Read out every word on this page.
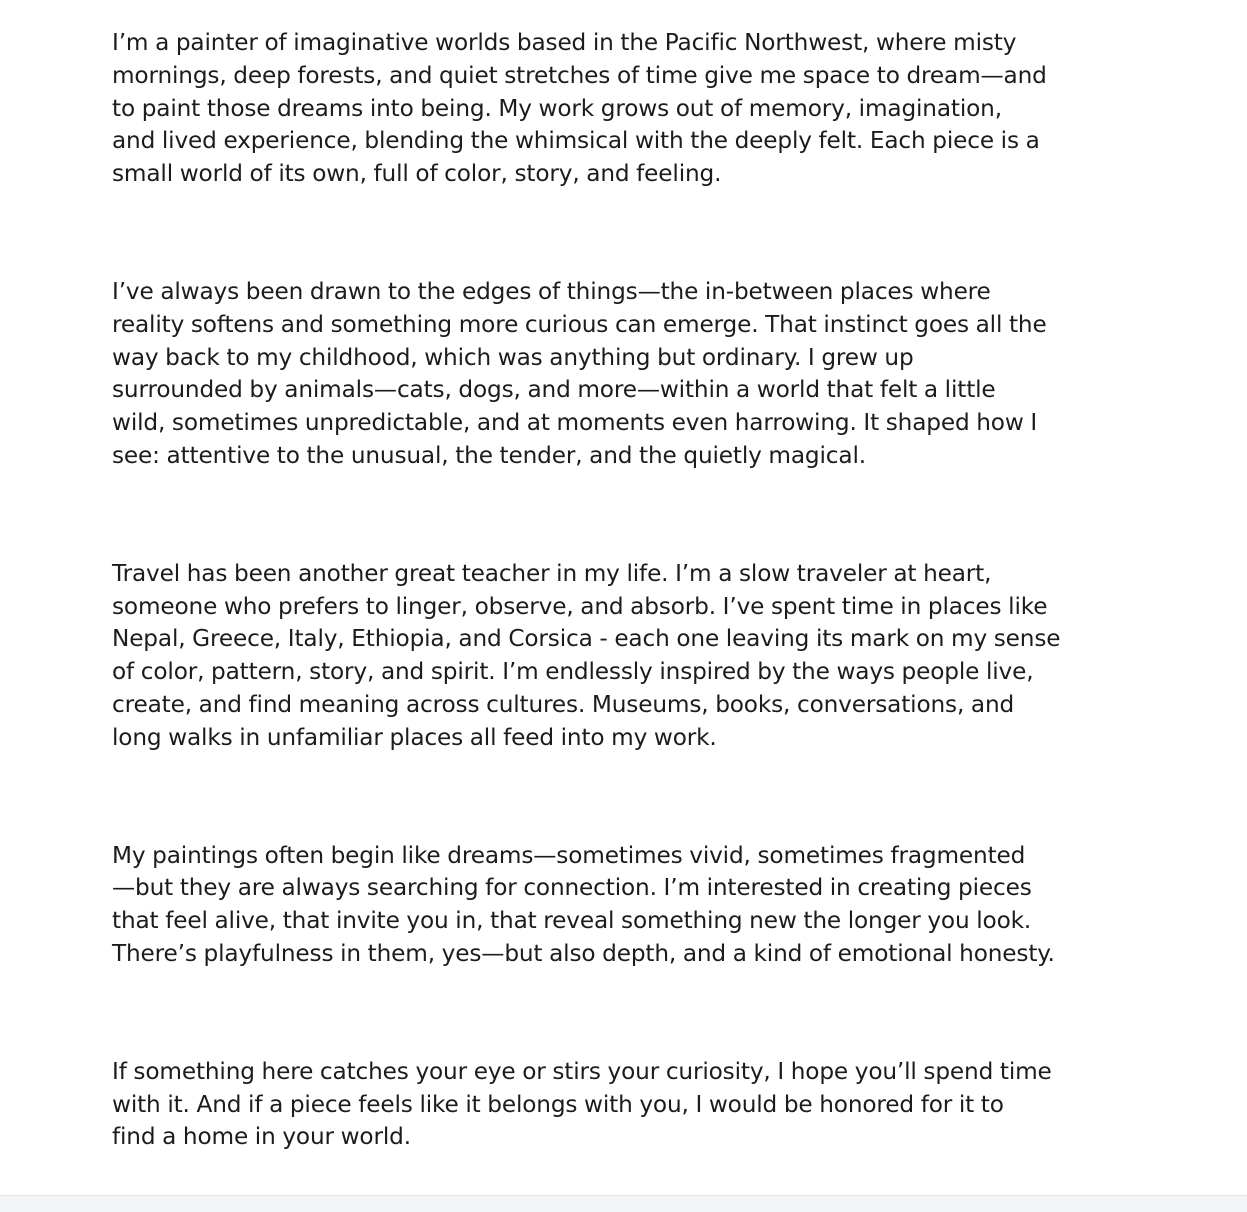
I’m a painter of imaginative worlds based in the Pacific Northwest, where misty
mornings, deep forests, and quiet stretches of time give me space to dream—and
to paint those dreams into being. My work grows out of memory, imagination,
and lived experience, blending the whimsical with the deeply felt. Each piece is a
small world of its own, full of color, story, and feeling.

I’ve always been drawn to the edges of things—the in-between places where
reality softens and something more curious can emerge. That instinct goes all the
way back to my childhood, which was anything but ordinary. I grew up
surrounded by animals—cats, dogs, and more—within a world that felt a little
wild, sometimes unpredictable, and at moments even harrowing. It shaped how I
see: attentive to the unusual, the tender, and the quietly magical.

Travel has been another great teacher in my life. I’m a slow traveler at heart,
someone who prefers to linger, observe, and absorb. I’ve spent time in places like
Nepal, Greece, Italy, Ethiopia, and Corsica - each one leaving its mark on my sense
of color, pattern, story, and spirit. I’m endlessly inspired by the ways people live,
create, and find meaning across cultures. Museums, books, conversations, and
long walks in unfamiliar places all feed into my work.

My paintings often begin like dreams—sometimes vivid, sometimes fragmented
—but they are always searching for connection. I’m interested in creating pieces
that feel alive, that invite you in, that reveal something new the longer you look.
There’s playfulness in them, yes—but also depth, and a kind of emotional honesty.

If something here catches your eye or stirs your curiosity, I hope you’ll spend time
with it. And if a piece feels like it belongs with you, I would be honored for it to
find a home in your world.
